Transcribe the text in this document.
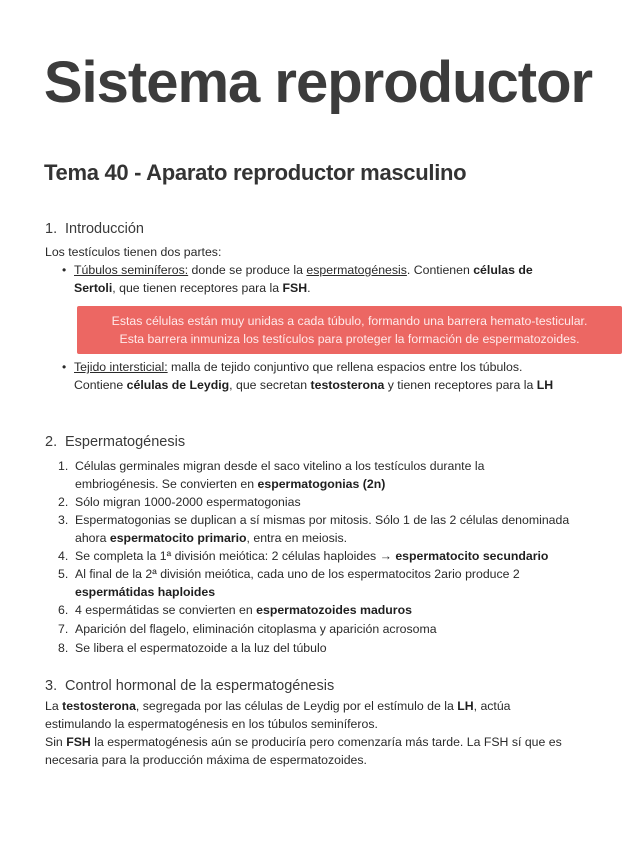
Sistema reproductor
Tema 40 - Aparato reproductor masculino
1. Introducción
Los testículos tienen dos partes:
• Túbulos seminíferos: donde se produce la espermatogénesis. Contienen células de
Sertoli, que tienen receptores para la FSH.
Estas células están muy unidas a cada túbulo, formando una barrera hemato-testicular.
Esta barrera inmuniza los testículos para proteger la formación de espermatozoides.
• Tejido intersticial: malla de tejido conjuntivo que rellena espacios entre los túbulos.
Contiene células de Leydig, que secretan testosterona y tienen receptores para la LH
2. Espermatogénesis
1. Células germinales migran desde el saco vitelino a los testículos durante la
embriogénesis. Se convierten en espermatogonias (2n)
2. Sólo migran 1000-2000 espermatogonias
3. Espermatogonias se duplican a sí mismas por mitosis. Sólo 1 de las 2 células denominada
ahora espermatocito primario, entra en meiosis.
4. Se completa la 1ª división meiótica: 2 células haploides → espermatocito secundario
5. Al final de la 2ª división meiótica, cada uno de los espermatocitos 2ario produce 2
espermátidas haploides
6. 4 espermátidas se convierten en espermatozoides maduros
7. Aparición del flagelo, eliminación citoplasma y aparición acrosoma
8. Se libera el espermatozoide a la luz del túbulo
3. Control hormonal de la espermatogénesis
La testosterona, segregada por las células de Leydig por el estímulo de la LH, actúa
estimulando la espermatogénesis en los túbulos seminíferos.
Sin FSH la espermatogénesis aún se produciría pero comenzaría más tarde. La FSH sí que es
necesaria para la producción máxima de espermatozoides.
